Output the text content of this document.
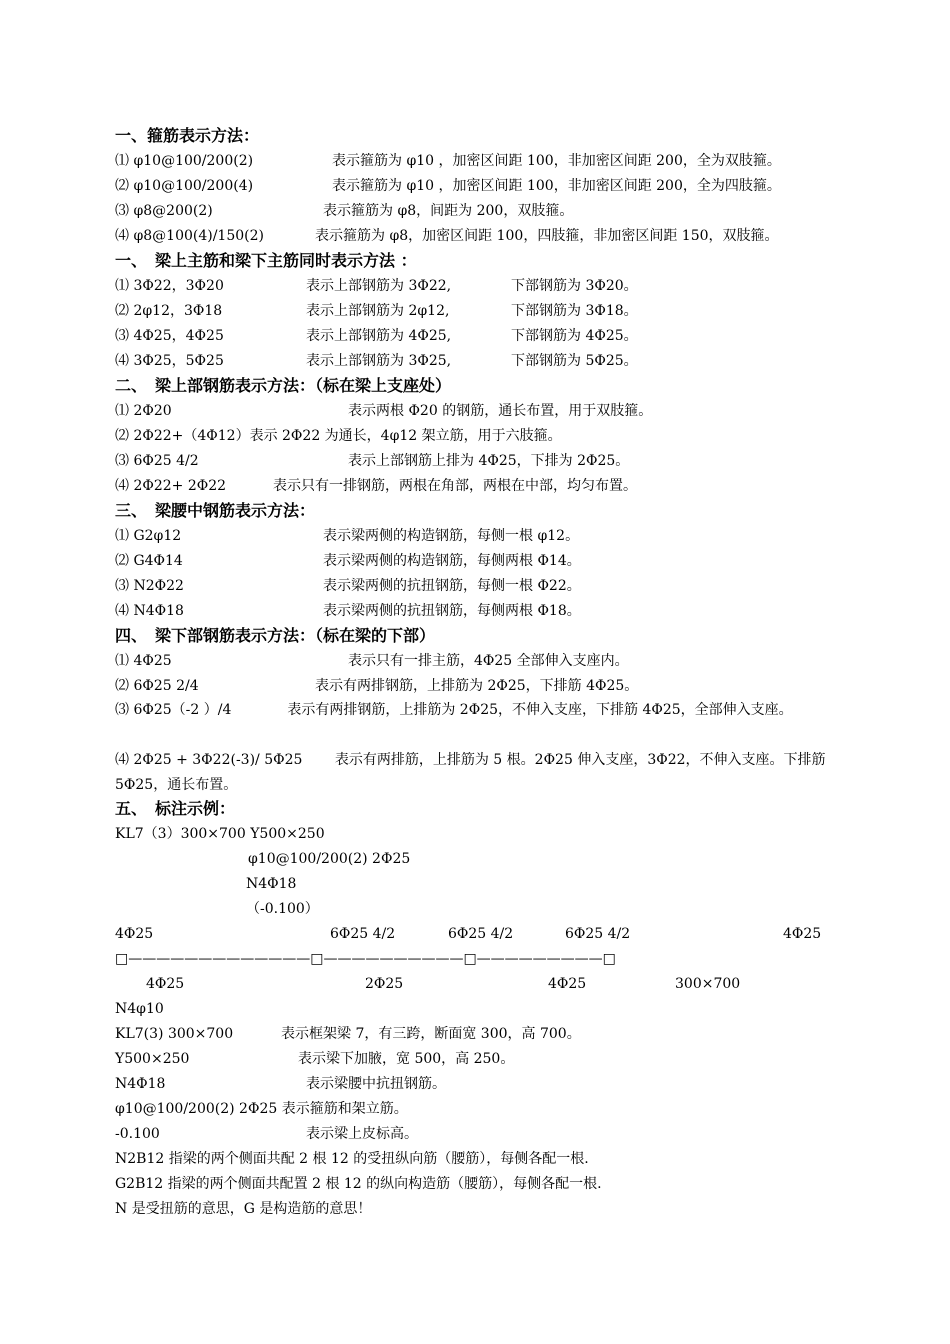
一、箍筋表示方法：
⑴ φ10@100/200(2)	表示箍筋为 φ10 ，加密区间距 100，非加密区间距 200，全为双肢箍。
⑵ φ10@100/200(4)	表示箍筋为 φ10 ，加密区间距 100，非加密区间距 200，全为四肢箍。
⑶ φ8@200(2)	表示箍筋为 φ8，间距为 200，双肢箍。
⑷ φ8@100(4)/150(2)	表示箍筋为 φ8，加密区间距 100，四肢箍，非加密区间距 150，双肢箍。
一、　梁上主筋和梁下主筋同时表示方法 ：
⑴ 3Φ22，3Φ20	表示上部钢筋为 3Φ22,	下部钢筋为 3Φ20。
⑵ 2φ12，3Φ18	表示上部钢筋为 2φ12,	下部钢筋为 3Φ18。
⑶ 4Φ25，4Φ25	表示上部钢筋为 4Φ25,	下部钢筋为 4Φ25。
⑷ 3Φ25，5Φ25	表示上部钢筋为 3Φ25,	下部钢筋为 5Φ25。
二、　梁上部钢筋表示方法：（标在梁上支座处）
⑴ 2Φ20	表示两根 Φ20 的钢筋，通长布置，用于双肢箍。
⑵ 2Φ22+（4Φ12）表示 2Φ22 为通长，4φ12 架立筋，用于六肢箍。
⑶ 6Φ25 4/2	表示上部钢筋上排为 4Φ25，下排为 2Φ25。
⑷ 2Φ22+ 2Φ22	表示只有一排钢筋，两根在角部，两根在中部，均匀布置。
三、　梁腰中钢筋表示方法：
⑴ G2φ12	表示梁两侧的构造钢筋，每侧一根 φ12。
⑵ G4Φ14	表示梁两侧的构造钢筋，每侧两根 Φ14。
⑶ N2Φ22	表示梁两侧的抗扭钢筋，每侧一根 Φ22。
⑷ N4Φ18	表示梁两侧的抗扭钢筋，每侧两根 Φ18。
四、　梁下部钢筋表示方法：（标在梁的下部）
⑴ 4Φ25	表示只有一排主筋，4Φ25 全部伸入支座内。
⑵ 6Φ25 2/4	表示有两排钢筋，上排筋为 2Φ25，下排筋 4Φ25。
⑶ 6Φ25（-2 ）/4　　　　表示有两排钢筋，上排筋为 2Φ25，不伸入支座，下排筋 4Φ25，全部伸入支座。
⑷ 2Φ25 + 3Φ22(-3)/ 5Φ25　　 表示有两排筋，上排筋为 5 根。2Φ25 伸入支座，3Φ22，不伸入支座。下排筋 5Φ25，通长布置。
五、　标注示例：
KL7（3）300×700 Y500×250
φ10@100/200(2) 2Φ25
N4Φ18
（-0.100）
4Φ25	6Φ25 4/2	6Φ25 4/2	6Φ25 4/2	4Φ25
□—————————————□——————————□—————————□
4Φ25	2Φ25	4Φ25	300×700
N4φ10
KL7(3) 300×700	表示框架梁 7，有三跨，断面宽 300，高 700。
Y500×250	表示梁下加腋，宽 500，高 250。
N4Φ18	表示梁腰中抗扭钢筋。
φ10@100/200(2) 2Φ25 表示箍筋和架立筋。
-0.100	表示梁上皮标高。
N2B12 指梁的两个侧面共配 2 根 12 的受扭纵向筋（腰筋），每侧各配一根.
G2B12 指梁的两个侧面共配置 2 根 12 的纵向构造筋（腰筋），每侧各配一根.
N 是受扭筋的意思，G 是构造筋的意思！
